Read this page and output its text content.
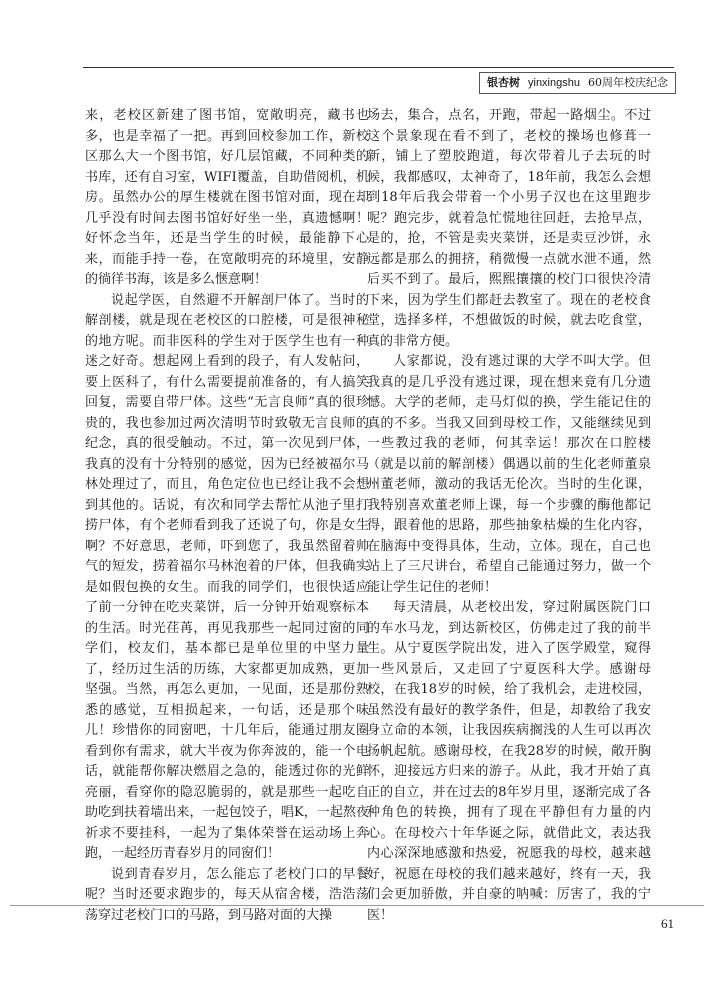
银杏树 yinxingshu 60周年校庆纪念

来，老校区新建了图书馆，宽敞明亮，藏书也多，也是幸福了一把。再到回校参加工作，新校区那么大一个图书馆，好几层馆藏，不同种类的书库，还有自习室，WIFI覆盖，自助借阅机，机房。虽然办公的厚生楼就在图书馆对面，现在却几乎没有时间去图书馆好好坐一坐，真遗憾啊！好怀念当年，还是当学生的时候，最能静下心来，而能手持一卷，在宽敞明亮的环境里，安静的徜徉书海，该是多么惬意啊！

说起学医，自然避不开解剖尸体了。当时的解剖楼，就是现在老校区的口腔楼，可是很神秘的地方呢。而非医科的学生对于医学生也有一种迷之好奇。想起网上看到的段子，有人发帖问，要上医科了，有什么需要提前准备的，有人搞笑回复，需要自带尸体。这些“无言良师”真的很珍贵的，我也参加过两次清明节时致敬无言良师的纪念，真的很受触动。不过，第一次见到尸体，我真的没有十分特别的感觉，因为已经被福尔马林处理过了，而且，角色定位也已经让我不会想到其他的。话说，有次和同学去帮忙从池子里打捞尸体，有个老师看到我了还说了句，你是女生啊？不好意思，老师，吓到您了，我虽然留着帅气的短发，捞着福尔马林泡着的尸体，但我确实是如假包换的女生。而我的同学们，也很快适应了前一分钟在吃夹菜饼，后一分钟开始观察标本的生活。时光荏苒，再见我那些一起同过窗的同学们，校友们，基本都已是单位里的中坚力量了，经历过生活的历练，大家都更加成熟，更加坚强。当然，再怎么更加，一见面，还是那份熟悉的感觉，互相损起来，一句话，还是那个味儿！珍惜你的同窗吧，十几年后，能通过朋友圈看到你有需求，就大半夜为你奔波的，能一个电话，就能帮你解决燃眉之急的，能透过你的光鲜亮丽，看穿你的隐忍脆弱的，就是那些一起吃自助吃到扶着墙出来，一起包饺子，唱K，一起熬夜祈求不要挂科，一起为了集体荣誉在运动场上奔跑，一起经历青春岁月的同窗们！

说到青春岁月，怎么能忘了老校门口的早餐呢？当时还要求跑步的，每天从宿舍楼，浩浩荡荡穿过老校门口的马路，到马路对面的大操

场去，集合，点名，开跑，带起一路烟尘。不过这个景象现在看不到了，老校的操场也修葺一新，铺上了塑胶跑道，每次带着儿子去玩的时候，我都感叹，太神奇了，18年前，我怎么会想到18年后我会带着一个小男子汉也在这里跑步呢？跑完步，就着急忙慌地往回赶，去抢早点，是的，抢，不管是卖夹菜饼，还是卖豆沙饼，永远都是那么的拥挤，稍微慢一点就水泄不通，然后买不到了。最后，熙熙攘攘的校门口很快冷清下来，因为学生们都赶去教室了。现在的老校食堂，选择多样，不想做饭的时候，就去吃食堂，真的非常方便。

人家都说，没有逃过课的大学不叫大学。但我真的是几乎没有逃过课，现在想来竟有几分遗憾。大学的老师，走马灯似的换，学生能记住的真的不多。当我又回到母校工作，又能继续见到一些教过我的老师，何其幸运！那次在口腔楼（就是以前的解剖楼）偶遇以前的生化老师董泉州董老师，激动的我话无伦次。当时的生化课，我特别喜欢董老师上课，每一个步骤的酶他都记得，跟着他的思路，那些抽象枯燥的生化内容，在脑海中变得具体，生动，立体。现在，自己也站上了三尺讲台，希望自己能通过努力，做一个能让学生记住的老师！

每天清晨，从老校出发，穿过附属医院门口的车水马龙，到达新校区，仿佛走过了我的前半生。从宁夏医学院出发，进入了医学殿堂，窥得一些风景后，又走回了宁夏医科大学。感谢母校，在我18岁的时候，给了我机会，走进校园，虽然没有最好的教学条件，但是，却教给了我安身立命的本领，让我因疾病搁浅的人生可以再次扬帆起航。感谢母校，在我28岁的时候，敞开胸怀，迎接远方归来的游子。从此，我才开始了真正的自立，并在过去的8年岁月里，逐渐完成了各种角色的转换，拥有了现在平静但有力量的内心。在母校六十年华诞之际，就借此文，表达我内心深深地感激和热爱，祝愿我的母校，越来越好，祝愿在母校的我们越来越好，终有一天，我们会更加骄傲，并自豪的呐喊：厉害了，我的宁医！

61
